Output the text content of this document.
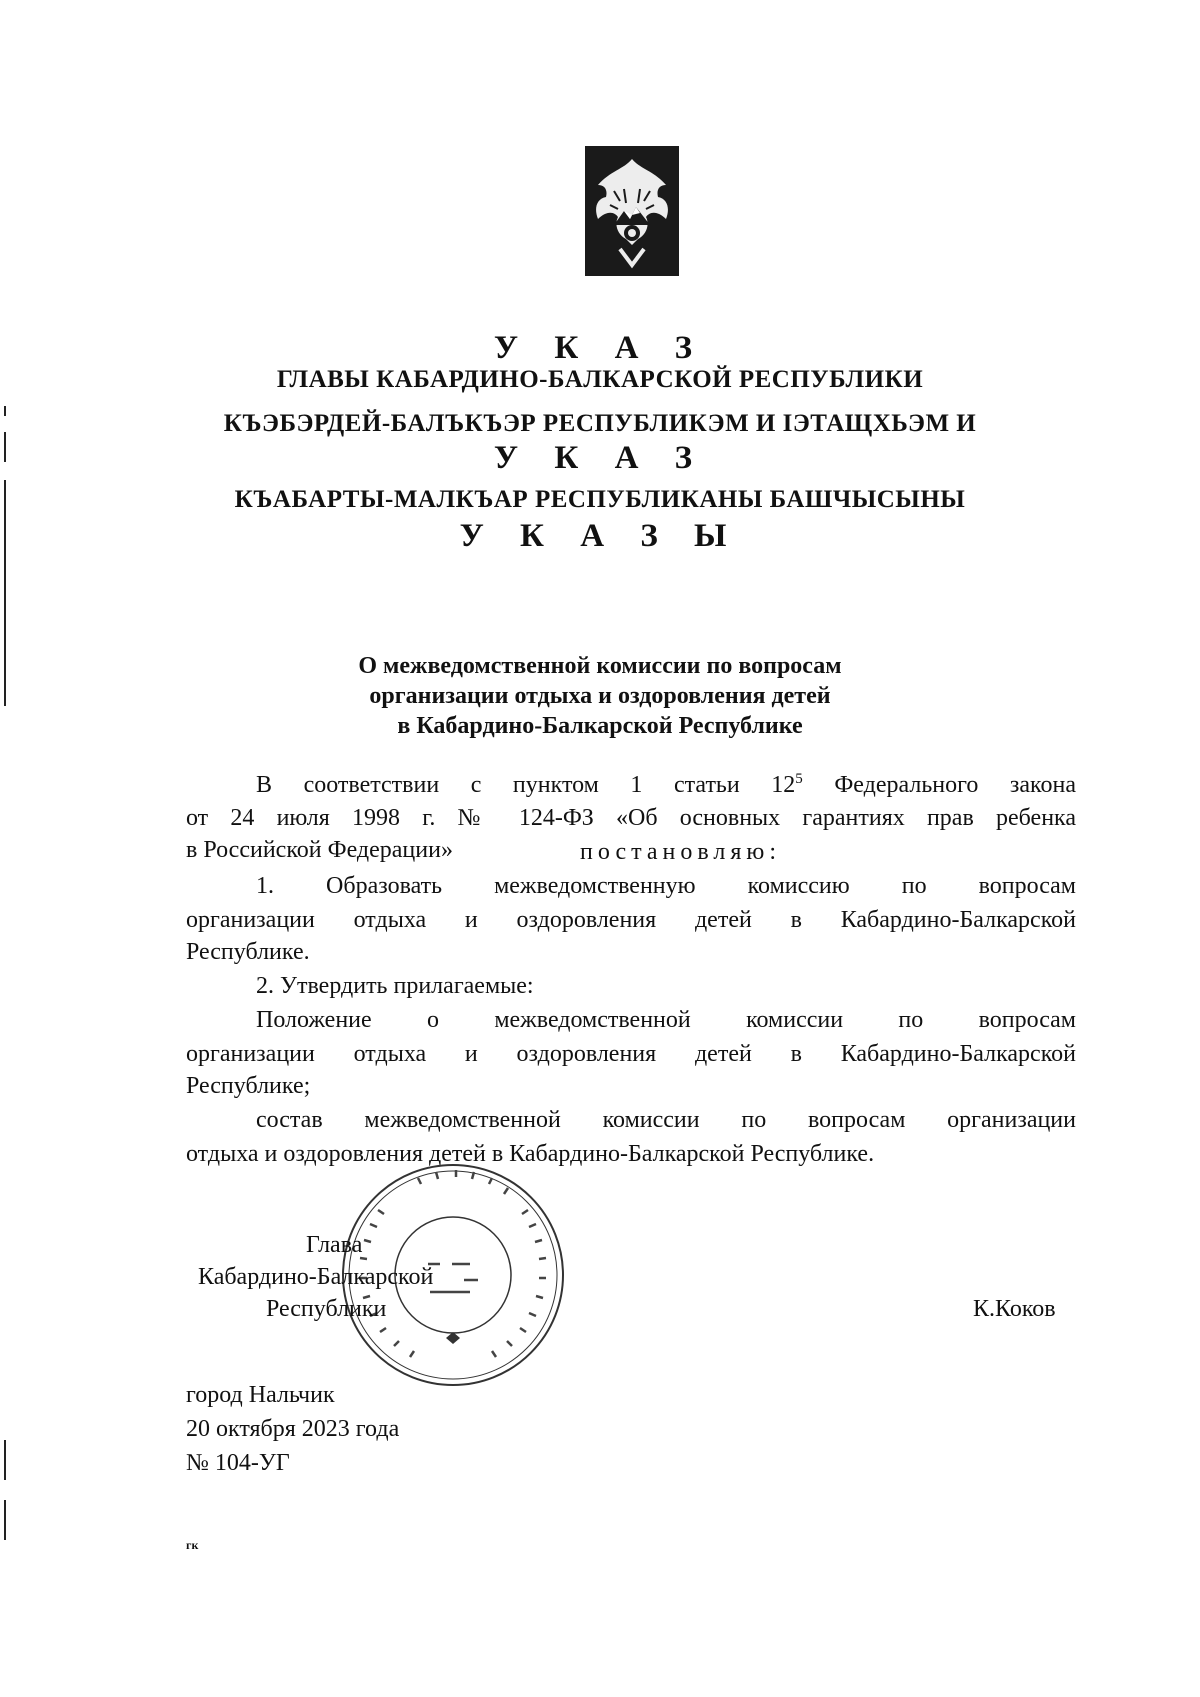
У К А З
ГЛАВЫ КАБАРДИНО-БАЛКАРСКОЙ РЕСПУБЛИКИ
КЪЭБЭРДЕЙ-БАЛЪКЪЭР РЕСПУБЛИКЭМ И ІЭТАЩХЬЭМ И
У К А З
КЪАБАРТЫ-МАЛКЪАР РЕСПУБЛИКАНЫ БАШЧЫСЫНЫ
У К А З Ы
О межведомственной комиссии по вопросам
организации отдыха и оздоровления детей
в Кабардино-Балкарской Республике
В соответствии с пунктом 1 статьи $12^5$ Федерального закона
от 24 июля 1998 г. № 124-ФЗ «Об основных гарантиях прав ребенка
в Российской Федерации»	постановляю:
1. Образовать межведомственную комиссию по вопросам
организации отдыха и оздоровления детей в Кабардино-Балкарской
Республике.
2. Утвердить прилагаемые:
Положение о межведомственной комиссии по вопросам
организации отдыха и оздоровления детей в Кабардино-Балкарской
Республике;
состав межведомственной комиссии по вопросам организации
отдыха и оздоровления детей в Кабардино-Балкарской Республике.
Глава
Кабардино-Балкарской
Республики	К.Коков
город Нальчик
20 октября 2023 года
№ 104-УГ
гк
